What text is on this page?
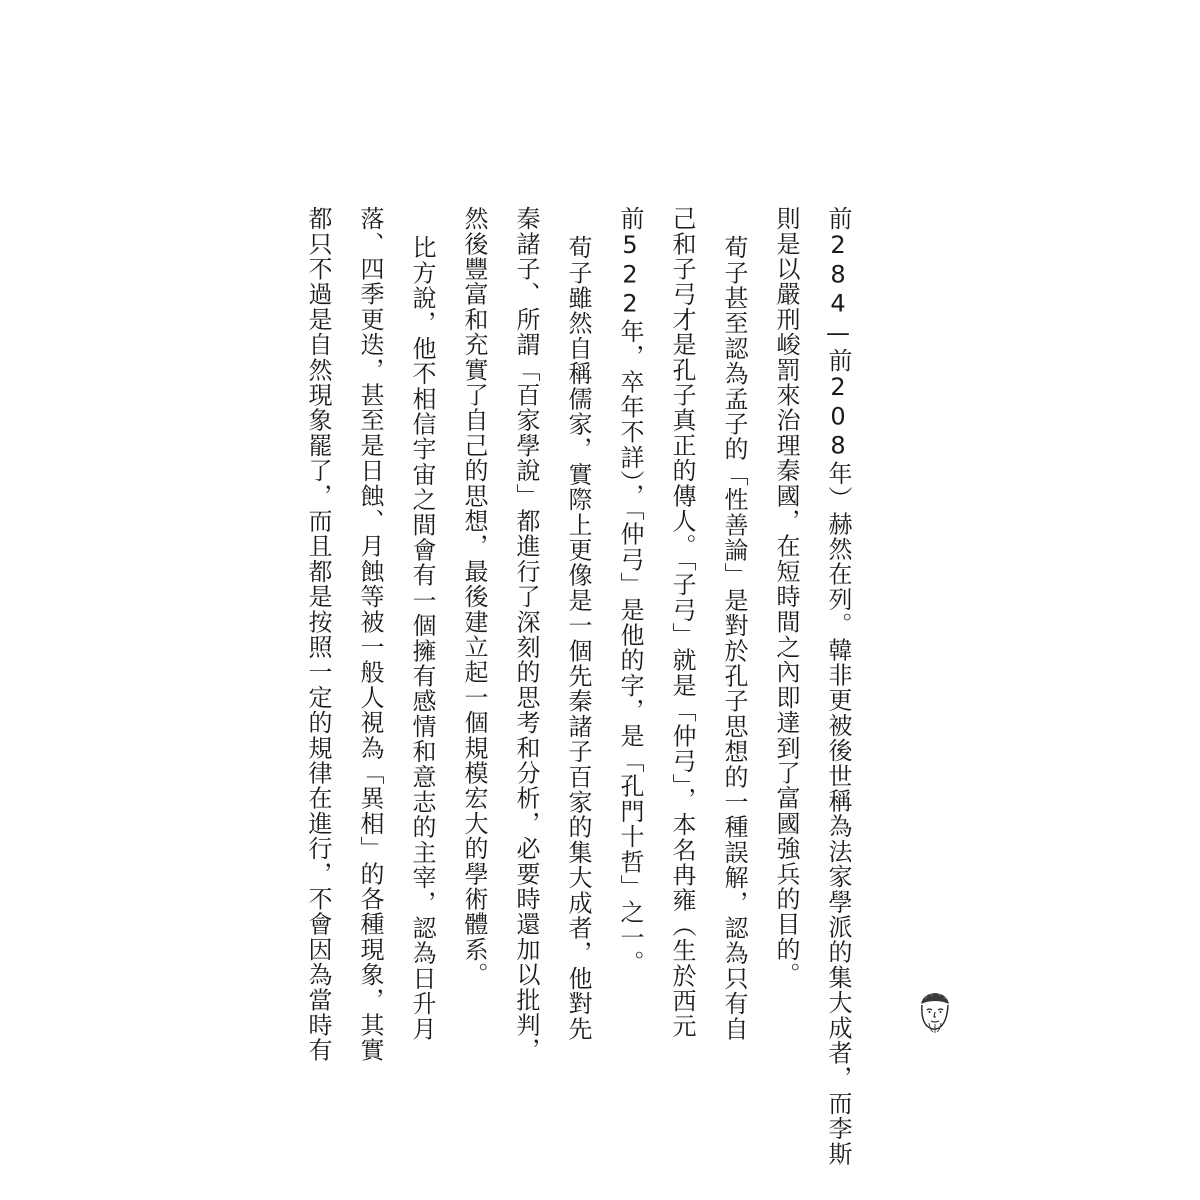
前284—前208年）赫然在列。韓非更被後世稱為法家學派的集大成者，而李斯

則是以嚴刑峻罰來治理秦國，在短時間之內即達到了富國強兵的目的。

荀子甚至認為孟子的「性善論」是對於孔子思想的一種誤解，認為只有自

己和子弓才是孔子真正的傳人。「子弓」就是「仲弓」，本名冉雍（生於西元

前522年，卒年不詳），「仲弓」是他的字，是「孔門十哲」之一。

荀子雖然自稱儒家，實際上更像是一個先秦諸子百家的集大成者，他對先

秦諸子、所謂「百家學說」都進行了深刻的思考和分析，必要時還加以批判，

然後豐富和充實了自己的思想，最後建立起一個規模宏大的學術體系。

比方說，他不相信宇宙之間會有一個擁有感情和意志的主宰，認為日升月

落、四季更迭，甚至是日蝕、月蝕等被一般人視為「異相」的各種現象，其實

都只不過是自然現象罷了，而且都是按照一定的規律在進行，不會因為當時有
